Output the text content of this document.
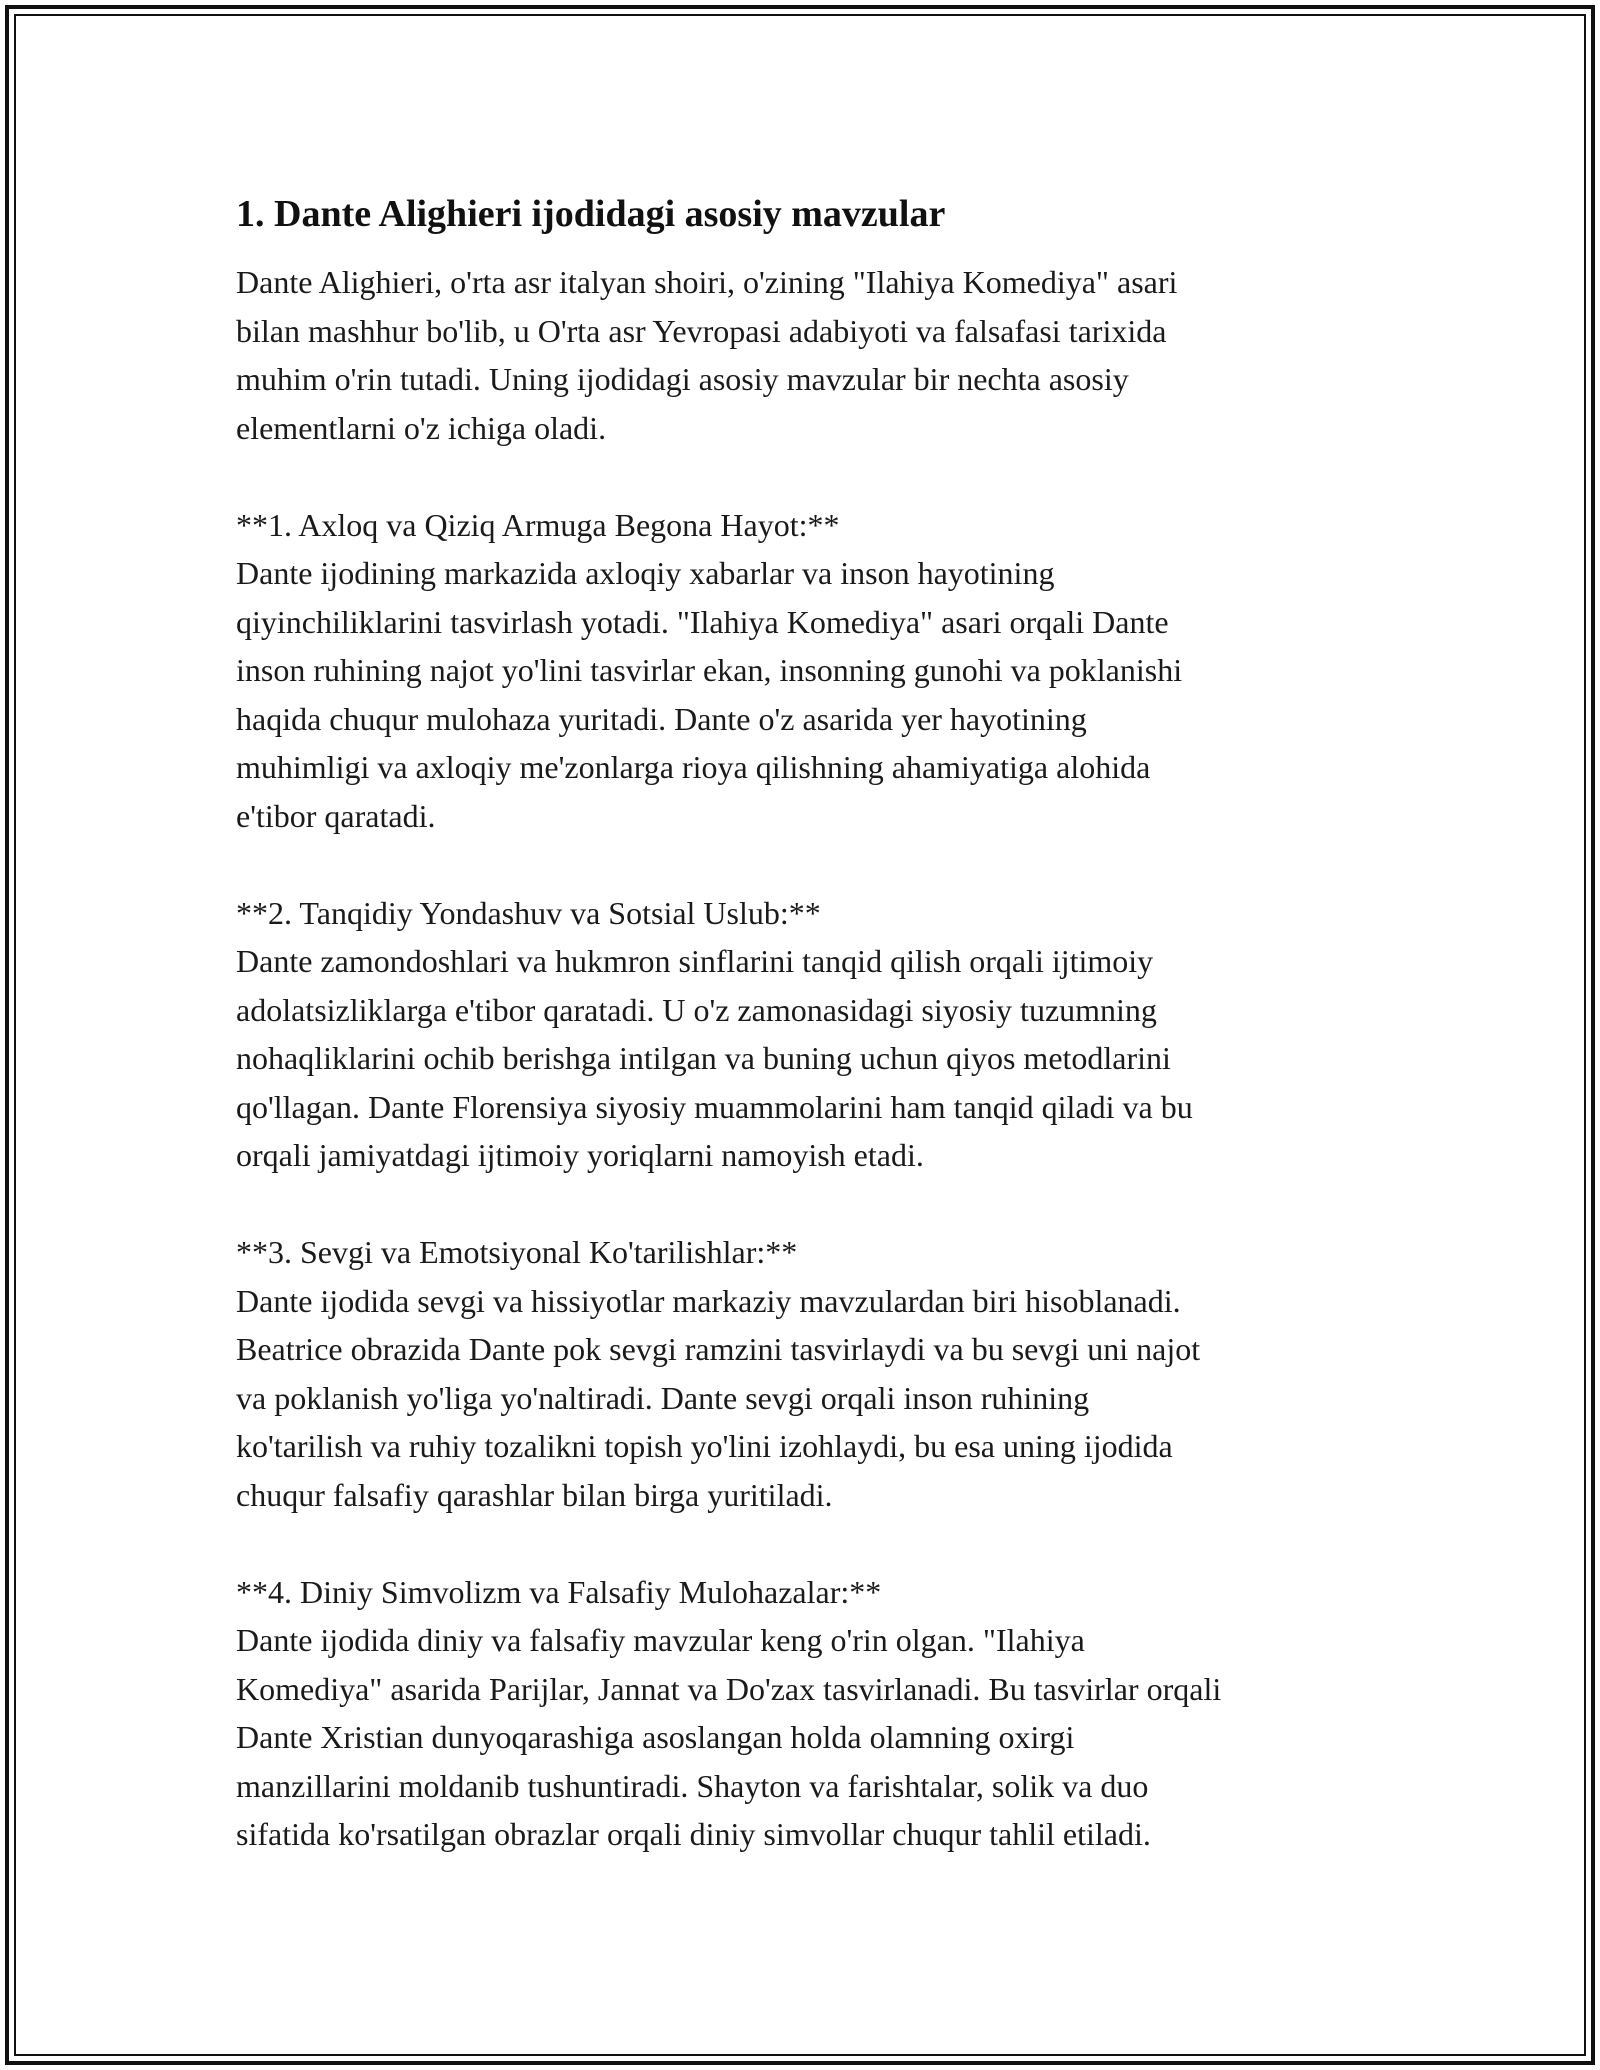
1. Dante Alighieri ijodidagi asosiy mavzular

Dante Alighieri, o'rta asr italyan shoiri, o'zining "Ilahiya Komediya" asari
bilan mashhur bo'lib, u O'rta asr Yevropasi adabiyoti va falsafasi tarixida
muhim o'rin tutadi. Uning ijodidagi asosiy mavzular bir nechta asosiy
elementlarni o'z ichiga oladi.

**1. Axloq va Qiziq Armuga Begona Hayot:**

Dante ijodining markazida axloqiy xabarlar va inson hayotining
qiyinchiliklarini tasvirlash yotadi. "Ilahiya Komediya" asari orqali Dante
inson ruhining najot yo'lini tasvirlar ekan, insonning gunohi va poklanishi
haqida chuqur mulohaza yuritadi. Dante o'z asarida yer hayotining
muhimligi va axloqiy me'zonlarga rioya qilishning ahamiyatiga alohida
e'tibor qaratadi.

**2. Tanqidiy Yondashuv va Sotsial Uslub:**

Dante zamondoshlari va hukmron sinflarini tanqid qilish orqali ijtimoiy
adolatsizliklarga e'tibor qaratadi. U o'z zamonasidagi siyosiy tuzumning
nohaqliklarini ochib berishga intilgan va buning uchun qiyos metodlarini
qo'llagan. Dante Florensiya siyosiy muammolarini ham tanqid qiladi va bu
orqali jamiyatdagi ijtimoiy yoriqlarni namoyish etadi.

**3. Sevgi va Emotsiyonal Ko'tarilishlar:**

Dante ijodida sevgi va hissiyotlar markaziy mavzulardan biri hisoblanadi.
Beatrice obrazida Dante pok sevgi ramzini tasvirlaydi va bu sevgi uni najot
va poklanish yo'liga yo'naltiradi. Dante sevgi orqali inson ruhining
ko'tarilish va ruhiy tozalikni topish yo'lini izohlaydi, bu esa uning ijodida
chuqur falsafiy qarashlar bilan birga yuritiladi.

**4. Diniy Simvolizm va Falsafiy Mulohazalar:**

Dante ijodida diniy va falsafiy mavzular keng o'rin olgan. "Ilahiya
Komediya" asarida Parijlar, Jannat va Do'zax tasvirlanadi. Bu tasvirlar orqali
Dante Xristian dunyoqarashiga asoslangan holda olamning oxirgi
manzillarini moldanib tushuntiradi. Shayton va farishtalar, solik va duo
sifatida ko'rsatilgan obrazlar orqali diniy simvollar chuqur tahlil etiladi.
